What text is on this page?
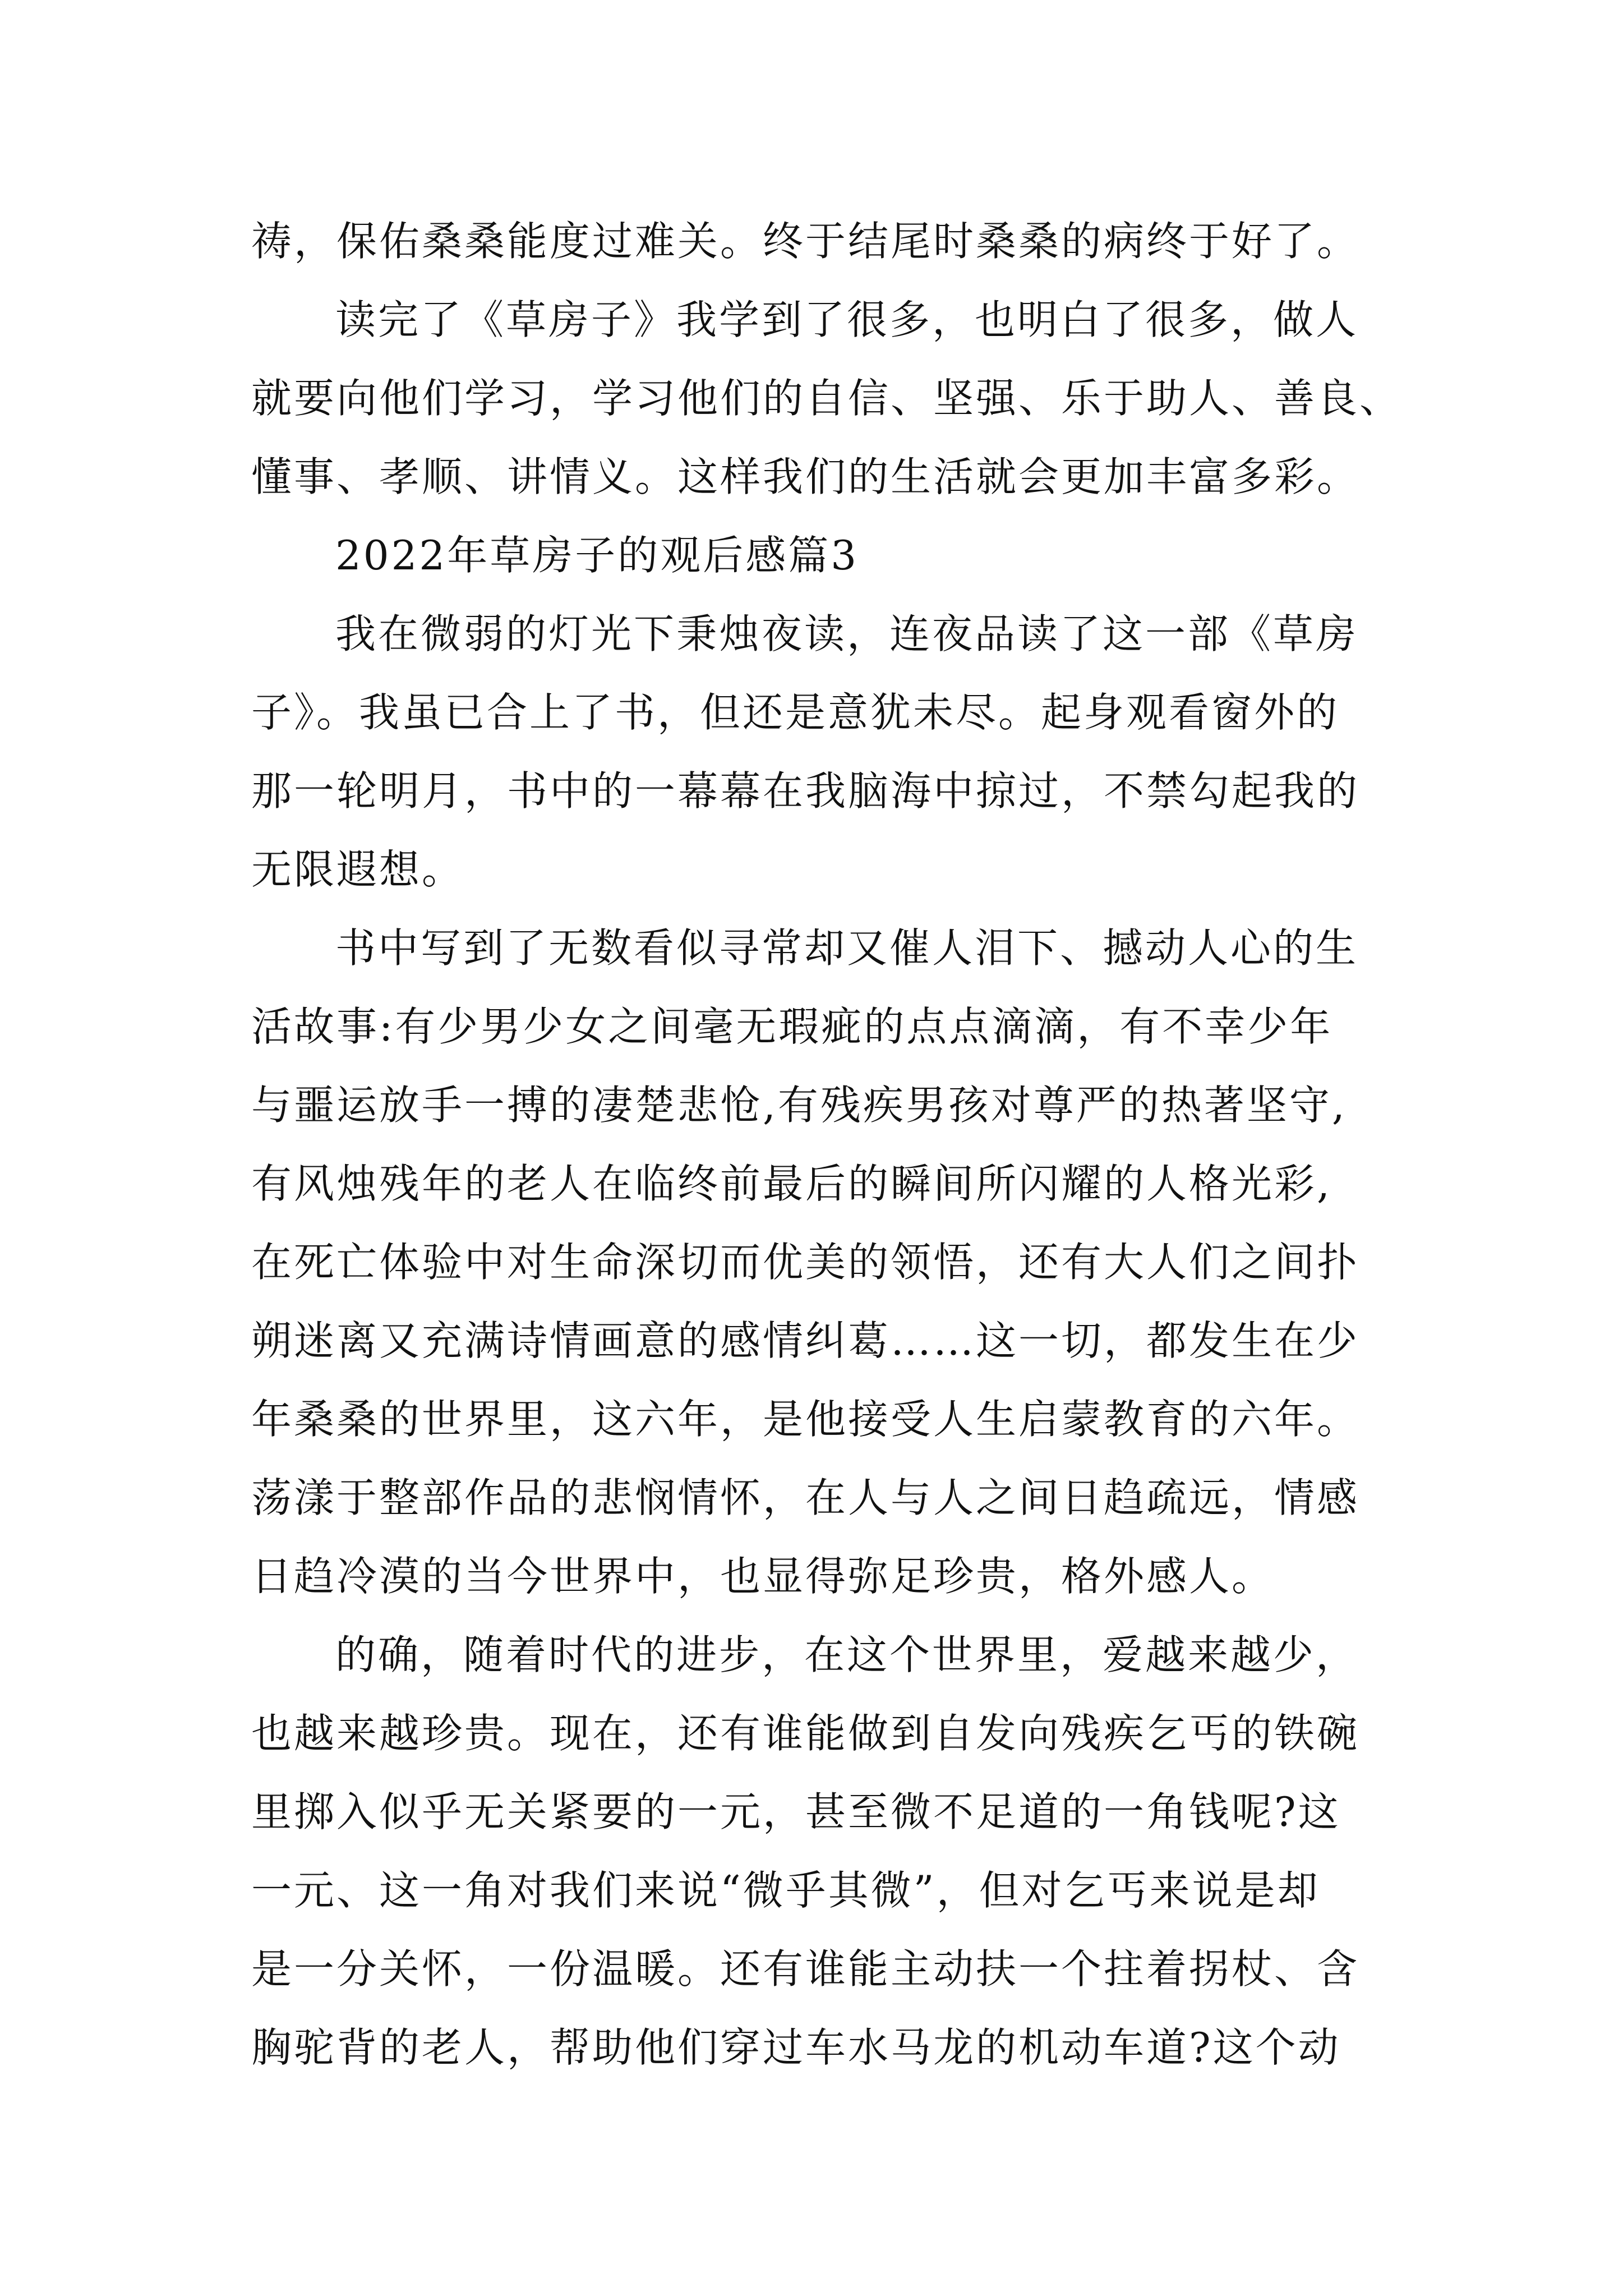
祷，保佑桑桑能度过难关。终于结尾时桑桑的病终于好了。
读完了《草房子》我学到了很多，也明白了很多，做人
就要向他们学习，学习他们的自信、坚强、乐于助人、善良、
懂事、孝顺、讲情义。这样我们的生活就会更加丰富多彩。
2022年草房子的观后感篇3
我在微弱的灯光下秉烛夜读，连夜品读了这一部《草房
子》。我虽已合上了书，但还是意犹未尽。起身观看窗外的
那一轮明月，书中的一幕幕在我脑海中掠过，不禁勾起我的
无限遐想。
书中写到了无数看似寻常却又催人泪下、撼动人心的生
活故事:有少男少女之间毫无瑕疵的点点滴滴，有不幸少年
与噩运放手一搏的凄楚悲怆,有残疾男孩对尊严的热著坚守,
有风烛残年的老人在临终前最后的瞬间所闪耀的人格光彩,
在死亡体验中对生命深切而优美的领悟，还有大人们之间扑
朔迷离又充满诗情画意的感情纠葛……这一切，都发生在少
年桑桑的世界里，这六年，是他接受人生启蒙教育的六年。
荡漾于整部作品的悲悯情怀，在人与人之间日趋疏远，情感
日趋冷漠的当今世界中，也显得弥足珍贵，格外感人。
的确，随着时代的进步，在这个世界里，爱越来越少，
也越来越珍贵。现在，还有谁能做到自发向残疾乞丐的铁碗
里掷入似乎无关紧要的一元，甚至微不足道的一角钱呢?这
一元、这一角对我们来说“微乎其微”，但对乞丐来说是却
是一分关怀，一份温暖。还有谁能主动扶一个拄着拐杖、含
胸驼背的老人，帮助他们穿过车水马龙的机动车道?这个动
